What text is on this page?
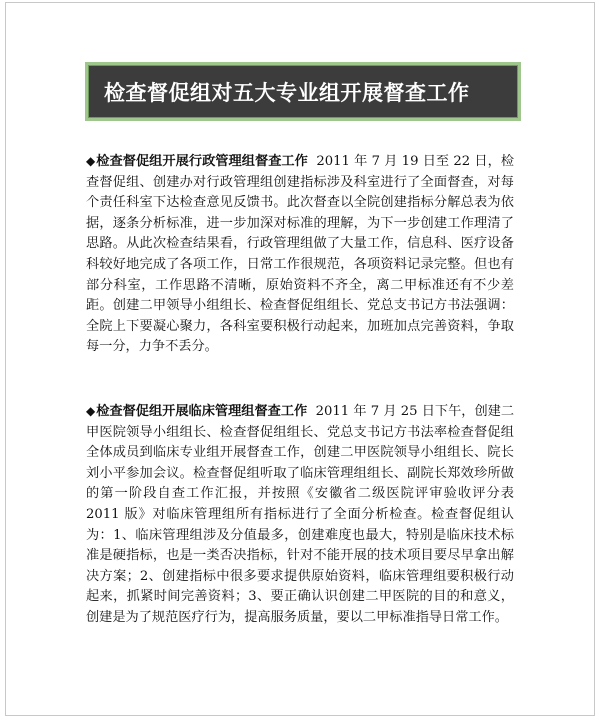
检查督促组对五大专业组开展督查工作

◆检查督促组开展行政管理组督查工作 2011 年 7 月 19 日至 22 日，检查督促组、创建办对行政管理组创建指标涉及科室进行了全面督查，对每个责任科室下达检查意见反馈书。此次督查以全院创建指标分解总表为依据，逐条分析标准，进一步加深对标准的理解，为下一步创建工作理清了思路。从此次检查结果看，行政管理组做了大量工作，信息科、医疗设备科较好地完成了各项工作，日常工作很规范，各项资料记录完整。但也有部分科室，工作思路不清晰，原始资料不齐全，离二甲标准还有不少差距。创建二甲领导小组组长、检查督促组组长、党总支书记方书法强调：全院上下要凝心聚力，各科室要积极行动起来，加班加点完善资料，争取每一分，力争不丢分。

◆检查督促组开展临床管理组督查工作 2011 年 7 月 25 日下午，创建二甲医院领导小组组长、检查督促组组长、党总支书记方书法率检查督促组全体成员到临床专业组开展督查工作，创建二甲医院领导小组组长、院长刘小平参加会议。检查督促组听取了临床管理组组长、副院长郑效珍所做的第一阶段自查工作汇报，并按照《安徽省二级医院评审验收评分表 2011 版》对临床管理组所有指标进行了全面分析检查。检查督促组认为：1、临床管理组涉及分值最多，创建难度也最大，特别是临床技术标准是硬指标，也是一类否决指标，针对不能开展的技术项目要尽早拿出解决方案；2、创建指标中很多要求提供原始资料，临床管理组要积极行动起来，抓紧时间完善资料；3、要正确认识创建二甲医院的目的和意义，创建是为了规范医疗行为，提高服务质量，要以二甲标准指导日常工作。
